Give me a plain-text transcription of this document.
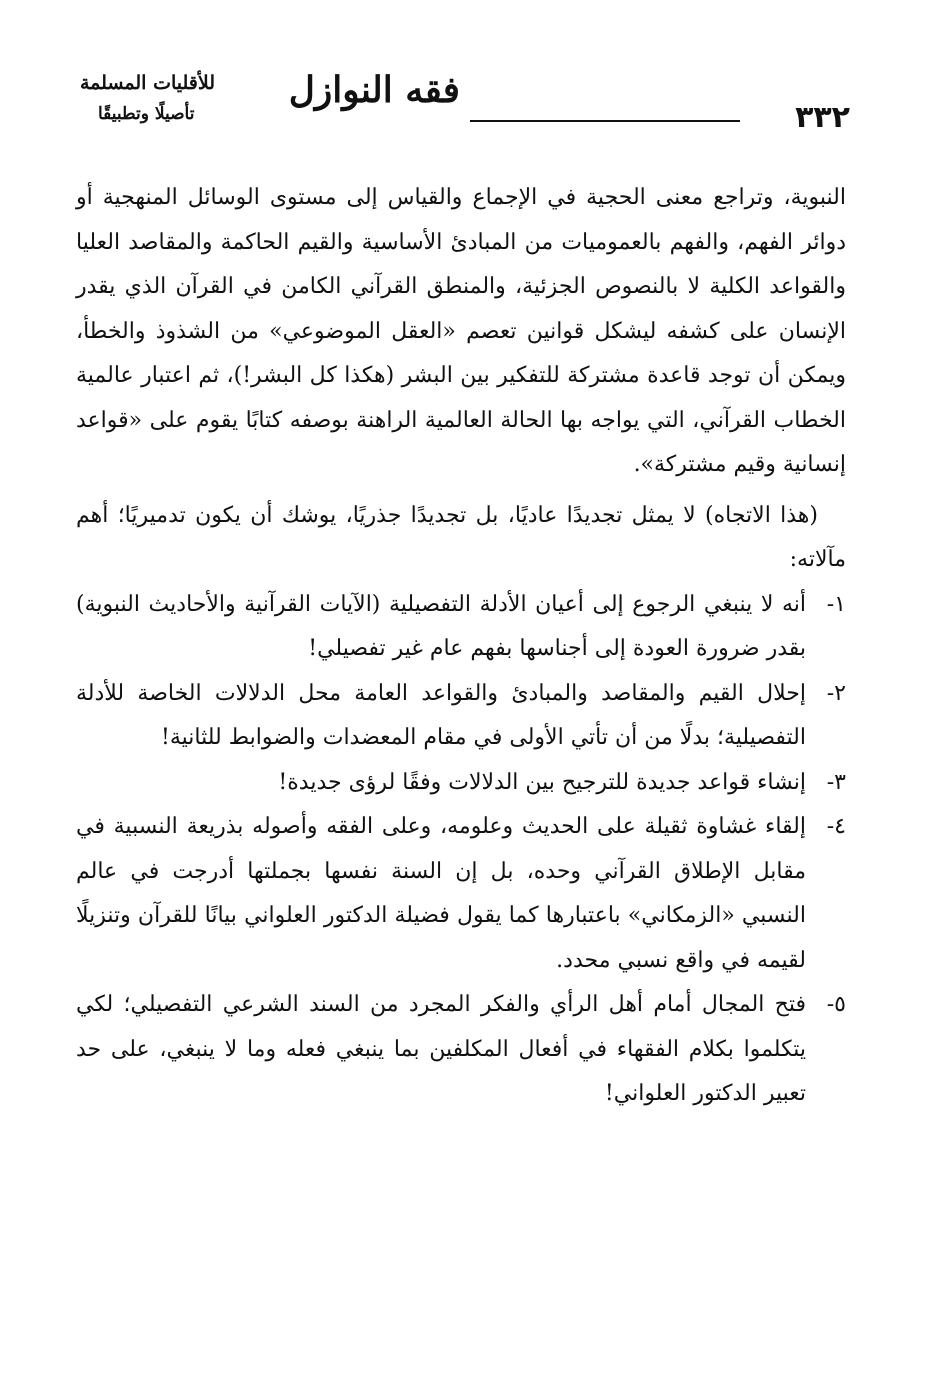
٣٣٢
فقه النوازل
للأقليات المسلمة
تأصيلًا وتطبيقًا

النبوية، وتراجع معنى الحجية في الإجماع والقياس إلى مستوى الوسائل المنهجية أو دوائر الفهم، والفهم بالعموميات من المبادئ الأساسية والقيم الحاكمة والمقاصد العليا والقواعد الكلية لا بالنصوص الجزئية، والمنطق القرآني الكامن في القرآن الذي يقدر الإنسان على كشفه ليشكل قوانين تعصم «العقل الموضوعي» من الشذوذ والخطأ، ويمكن أن توجد قاعدة مشتركة للتفكير بين البشر (هكذا كل البشر!)، ثم اعتبار عالمية الخطاب القرآني، التي يواجه بها الحالة العالمية الراهنة بوصفه كتابًا يقوم على «قواعد إنسانية وقيم مشتركة».

(هذا الاتجاه) لا يمثل تجديدًا عاديًا، بل تجديدًا جذريًا، يوشك أن يكون تدميريًا؛ أهم مآلاته:

١-
أنه لا ينبغي الرجوع إلى أعيان الأدلة التفصيلية (الآيات القرآنية والأحاديث النبوية) بقدر ضرورة العودة إلى أجناسها بفهم عام غير تفصيلي!
٢-
إحلال القيم والمقاصد والمبادئ والقواعد العامة محل الدلالات الخاصة للأدلة التفصيلية؛ بدلًا من أن تأتي الأولى في مقام المعضدات والضوابط للثانية!
٣-
إنشاء قواعد جديدة للترجيح بين الدلالات وفقًا لرؤى جديدة!
٤-
إلقاء غشاوة ثقيلة على الحديث وعلومه، وعلى الفقه وأصوله بذريعة النسبية في مقابل الإطلاق القرآني وحده، بل إن السنة نفسها بجملتها أدرجت في عالم النسبي «الزمكاني» باعتبارها كما يقول فضيلة الدكتور العلواني بيانًا للقرآن وتنزيلًا لقيمه في واقع نسبي محدد.
٥-
فتح المجال أمام أهل الرأي والفكر المجرد من السند الشرعي التفصيلي؛ لكي يتكلموا بكلام الفقهاء في أفعال المكلفين بما ينبغي فعله وما لا ينبغي، على حد تعبير الدكتور العلواني!
